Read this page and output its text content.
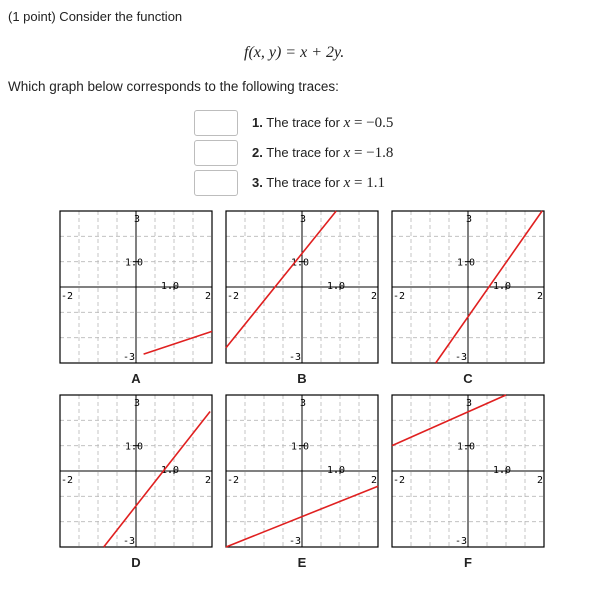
(1 point) Consider the function
f(x, y) = x + 2y.
Which graph below corresponds to the following traces:
1. The trace for x = −0.5
2. The trace for x = −1.8
3. The trace for x = 1.1
3
-3
-2	2
1.0
1.0
A
3
-3
-2	2
1.0
1.0
B
3
-3
-2	2
1.0
1.0
C
3
-3
-2	2
1.0
1.0
D
3
-3
-2	2
1.0
1.0
E
3
-3
-2	2
1.0
1.0
F
